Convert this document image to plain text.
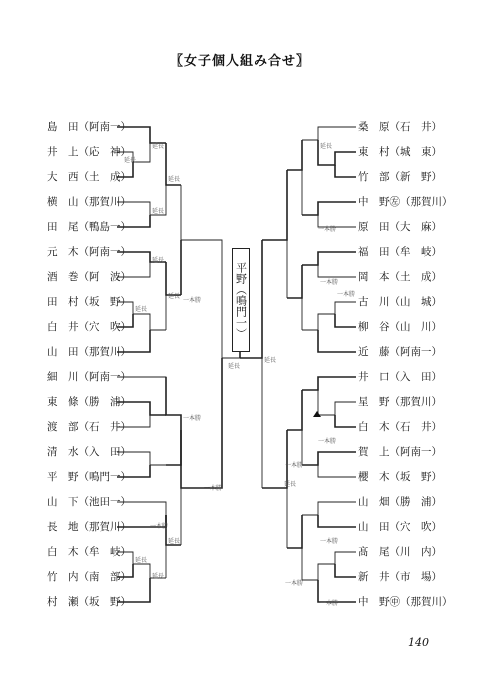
〖女子個人組み合せ〗
島　田（阿南一）
井　上（応　神）
大　西（土　成）
横　山（那賀川）
田　尾（鴨島一）
元　木（阿南一）
酒　巻（阿　波）
田　村（坂　野）
白　井（穴　吹）
山　田（那賀川）
細　川（阿南一）
東　條（勝　浦）
渡　部（石　井）
清　水（入　田）
平　野（鳴門一）
山　下（池田一）
長　地（那賀川）
白　木（牟　岐）
竹　内（南　部）
村　瀬（坂　野）
桑　原（石　井）
東　村（城　東）
竹　部（新　野）
中　野㊧（那賀川）
原　田（大　麻）
福　田（牟　岐）
岡　本（土　成）
古　川（山　城）
柳　谷（山　川）
近　藤（阿南一）
井　口（入　田）
星　野（那賀川）
白　木（石　井）
賀　上（阿南一）
櫻　木（坂　野）
山　畑（勝　浦）
山　田（穴　吹）
髙　尾（川　内）
新　井（市　場）
中　野㊥（那賀川）
延長
延長
延長
延長
延長
延長
延長
一本勝
一本勝
一本勝
延長
延長
延長
一本勝
延長
延長
一本勝
一本勝
一本勝
延長
一本勝
一本勝
延長
一本勝
一本勝
一本勝
平野（鳴門一）
140
